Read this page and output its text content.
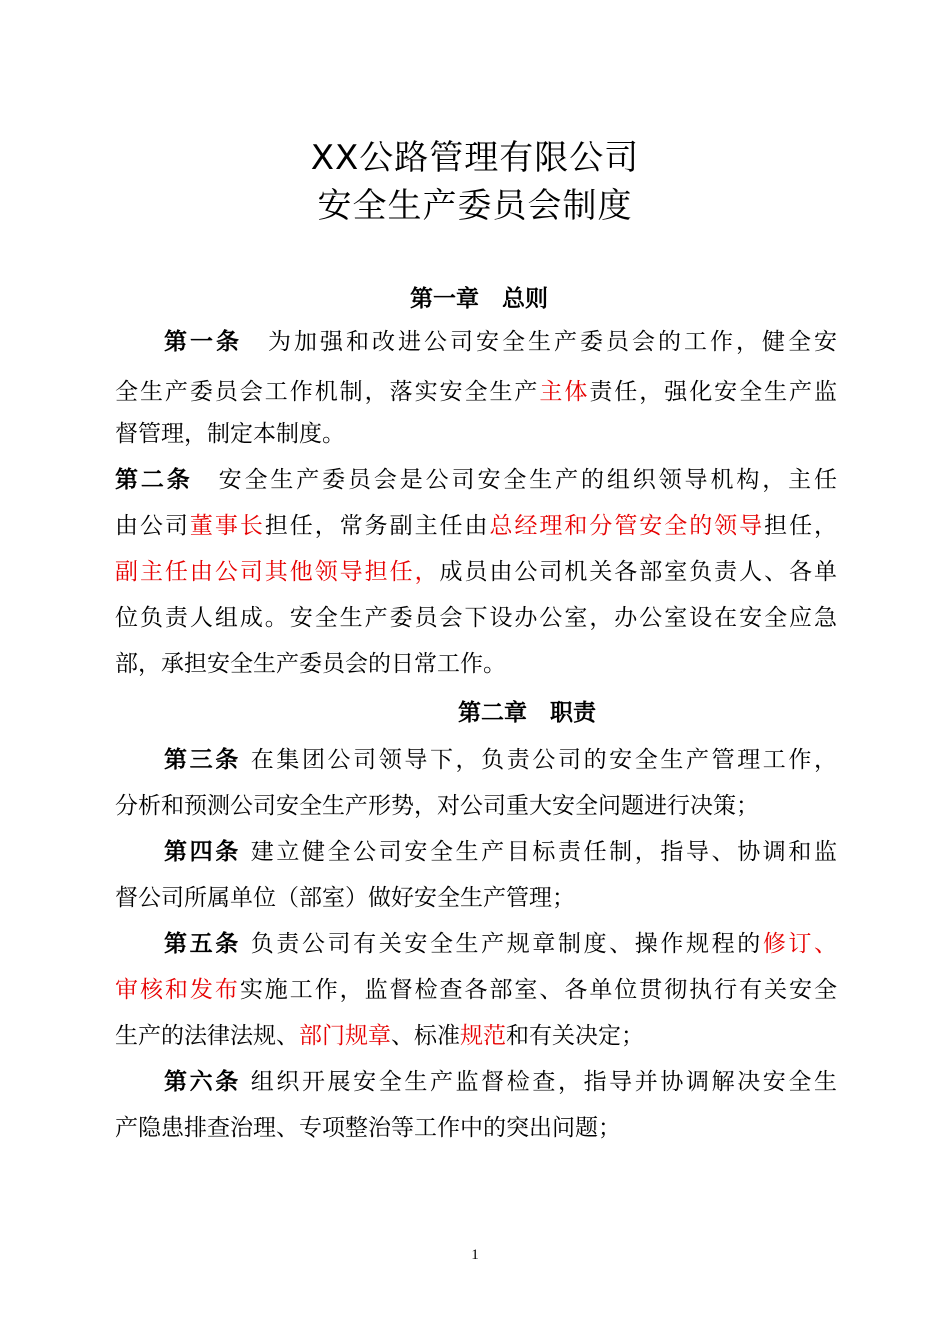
XX公路管理有限公司
安全生产委员会制度
第一章　总则
第一条　 为加强和改进公司安全生产委员会的工作，健全安
全生产委员会工作机制，落实安全生产主体责任，强化安全生产监
督管理，制定本制度。
第二条　 安全生产委员会是公司安全生产的组织领导机构，主任
由公司董事长担任，常务副主任由总经理和分管安全的领导担任，
副主任由公司其他领导担任，成员由公司机关各部室负责人、各单
位负责人组成。安全生产委员会下设办公室，办公室设在安全应急
部，承担安全生产委员会的日常工作。
第二章　职责
第三条 在集团公司领导下，负责公司的安全生产管理工作，
分析和预测公司安全生产形势，对公司重大安全问题进行决策；
第四条 建立健全公司安全生产目标责任制，指导、协调和监
督公司所属单位（部室）做好安全生产管理；
第五条 负责公司有关安全生产规章制度、操作规程的修订、
审核和发布实施工作，监督检查各部室、各单位贯彻执行有关安全
生产的法律法规、部门规章、标准规范和有关决定；
第六条 组织开展安全生产监督检查，指导并协调解决安全生
产隐患排查治理、专项整治等工作中的突出问题；
1
